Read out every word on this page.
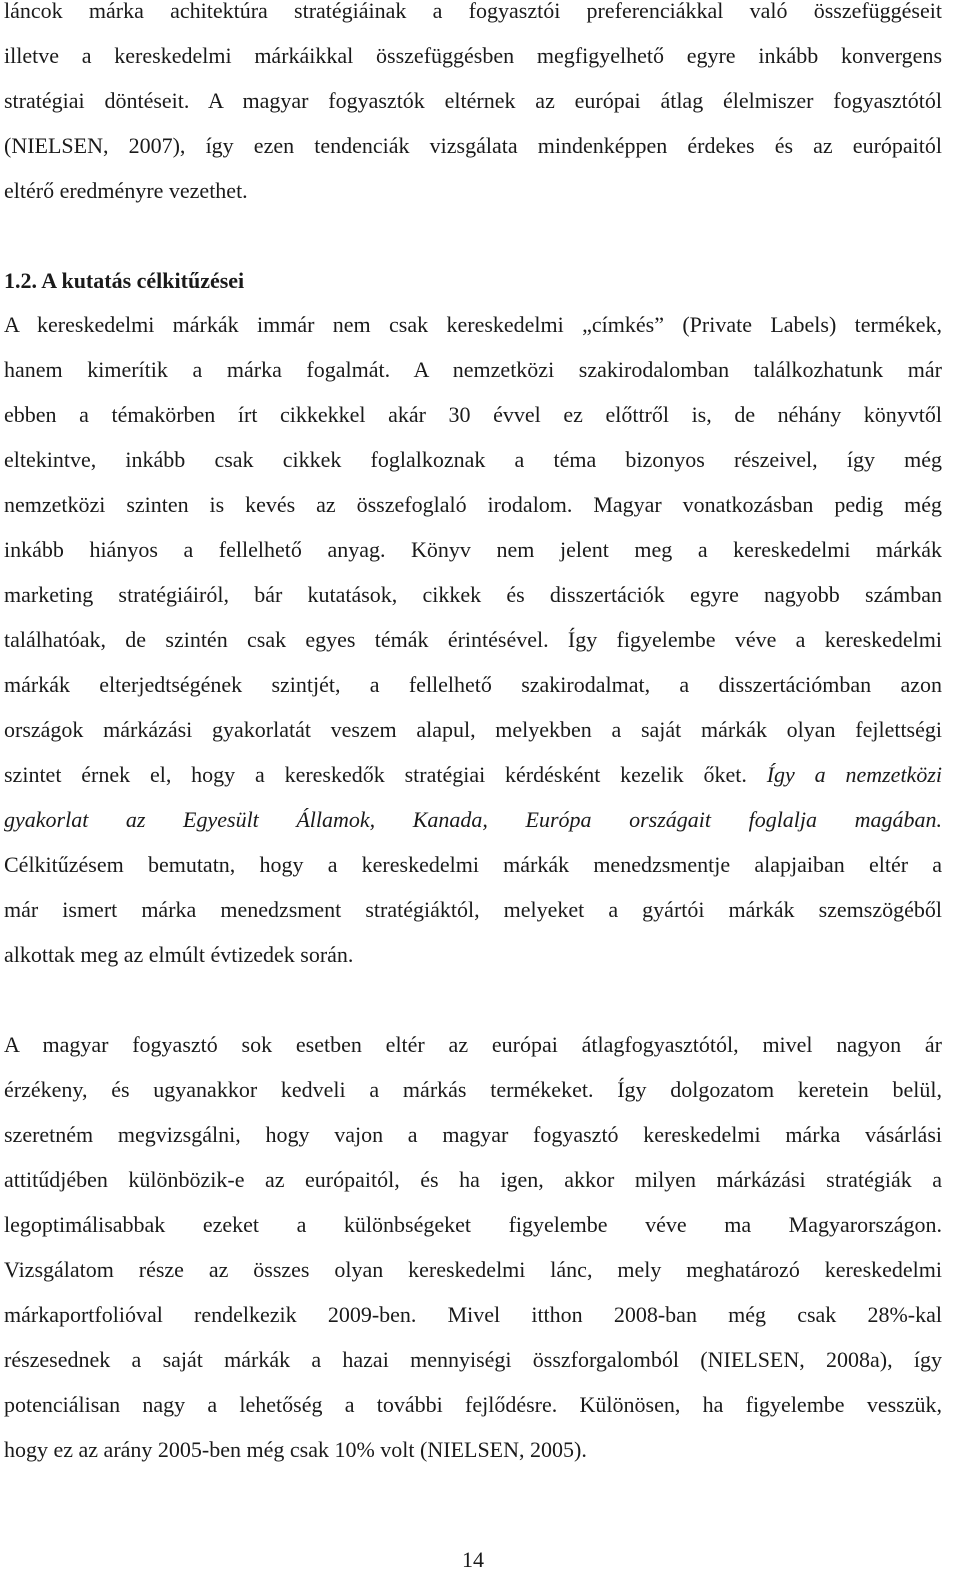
láncok márka achitektúra stratégiáinak a fogyasztói preferenciákkal való összefüggéseit
illetve a kereskedelmi márkáikkal összefüggésben megfigyelhető egyre inkább konvergens
stratégiai döntéseit. A magyar fogyasztók eltérnek az európai átlag élelmiszer fogyasztótól
(NIELSEN, 2007), így ezen tendenciák vizsgálata mindenképpen érdekes és az európaitól
eltérő eredményre vezethet.
1.2. A kutatás célkitűzései
A kereskedelmi márkák immár nem csak kereskedelmi „címkés” (Private Labels) termékek,
hanem kimerítik a márka fogalmát. A nemzetközi szakirodalomban találkozhatunk már
ebben a témakörben írt cikkekkel akár 30 évvel ez előttről is, de néhány könyvtől
eltekintve, inkább csak cikkek foglalkoznak a téma bizonyos részeivel, így még
nemzetközi szinten is kevés az összefoglaló irodalom. Magyar vonatkozásban pedig még
inkább hiányos a fellelhető anyag. Könyv nem jelent meg a kereskedelmi márkák
marketing stratégiáiról, bár kutatások, cikkek és disszertációk egyre nagyobb számban
találhatóak, de szintén csak egyes témák érintésével. Így figyelembe véve a kereskedelmi
márkák elterjedtségének szintjét, a fellelhető szakirodalmat, a disszertációmban azon
országok márkázási gyakorlatát veszem alapul, melyekben a saját márkák olyan fejlettségi
szintet érnek el, hogy a kereskedők stratégiai kérdésként kezelik őket. Így a nemzetközi
gyakorlat az Egyesült Államok, Kanada, Európa országait foglalja magában.
Célkitűzésem bemutatn, hogy a kereskedelmi márkák menedzsmentje alapjaiban eltér a
már ismert márka menedzsment stratégiáktól, melyeket a gyártói márkák szemszögéből
alkottak meg az elmúlt évtizedek során.
A magyar fogyasztó sok esetben eltér az európai átlagfogyasztótól, mivel nagyon ár
érzékeny, és ugyanakkor kedveli a márkás termékeket. Így dolgozatom keretein belül,
szeretném megvizsgálni, hogy vajon a magyar fogyasztó kereskedelmi márka vásárlási
attitűdjében különbözik-e az európaitól, és ha igen, akkor milyen márkázási stratégiák a
legoptimálisabbak ezeket a különbségeket figyelembe véve ma Magyarországon.
Vizsgálatom része az összes olyan kereskedelmi lánc, mely meghatározó kereskedelmi
márkaportfolióval rendelkezik 2009-ben. Mivel itthon 2008-ban még csak 28%-kal
részesednek a saját márkák a hazai mennyiségi összforgalomból (NIELSEN, 2008a), így
potenciálisan nagy a lehetőség a további fejlődésre. Különösen, ha figyelembe vesszük,
hogy ez az arány 2005-ben még csak 10% volt (NIELSEN, 2005).
14
